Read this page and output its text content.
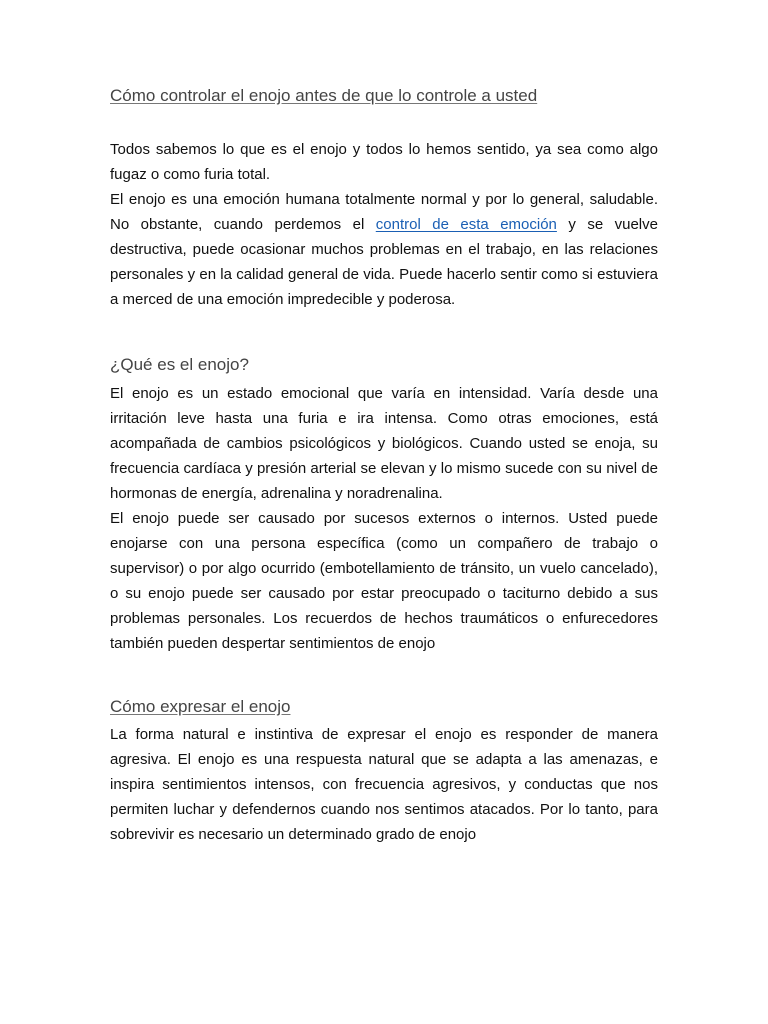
Cómo controlar el enojo antes de que lo controle a usted

Todos sabemos lo que es el enojo y todos lo hemos sentido, ya sea como algo fugaz o como furia total.

El enojo es una emoción humana totalmente normal y por lo general, saludable. No obstante, cuando perdemos el control de esta emoción y se vuelve destructiva, puede ocasionar muchos problemas en el trabajo, en las relaciones personales y en la calidad general de vida. Puede hacerlo sentir como si estuviera a merced de una emoción impredecible y poderosa.

¿Qué es el enojo?

El enojo es un estado emocional que varía en intensidad. Varía desde una irritación leve hasta una furia e ira intensa. Como otras emociones, está acompañada de cambios psicológicos y biológicos. Cuando usted se enoja, su frecuencia cardíaca y presión arterial se elevan y lo mismo sucede con su nivel de hormonas de energía, adrenalina y noradrenalina.

El enojo puede ser causado por sucesos externos o internos. Usted puede enojarse con una persona específica (como un compañero de trabajo o supervisor) o por algo ocurrido (embotellamiento de tránsito, un vuelo cancelado), o su enojo puede ser causado por estar preocupado o taciturno debido a sus problemas personales. Los recuerdos de hechos traumáticos o enfurecedores también pueden despertar sentimientos de enojo

Cómo expresar el enojo

La forma natural e instintiva de expresar el enojo es responder de manera agresiva. El enojo es una respuesta natural que se adapta a las amenazas, e inspira sentimientos intensos, con frecuencia agresivos, y conductas que nos permiten luchar y defendernos cuando nos sentimos atacados. Por lo tanto, para sobrevivir es necesario un determinado grado de enojo
